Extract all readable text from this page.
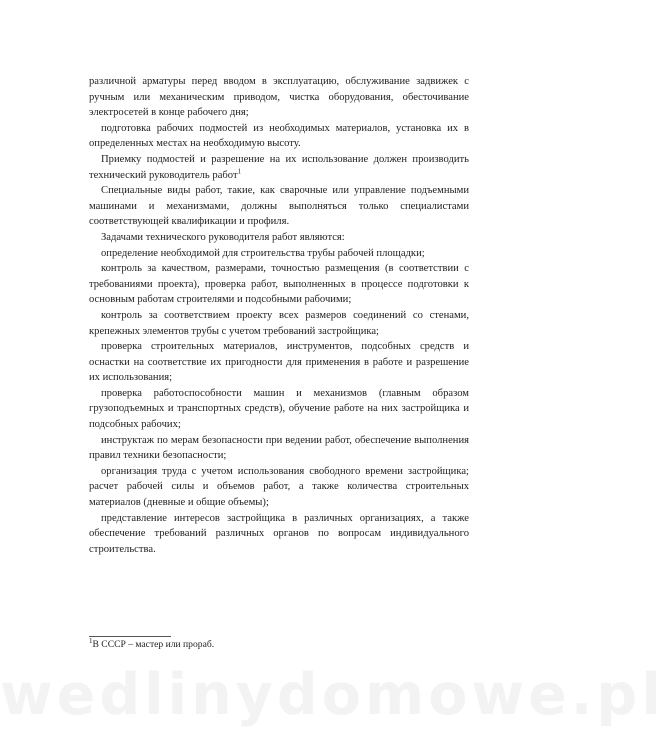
различной арматуры перед вводом в эксплуатацию, обслуживание задвижек с ручным или механическим приводом, чистка оборудования, обесточивание электросетей в конце рабочего дня;

подготовка рабочих подмостей из необходимых материалов, установка их в определенных местах на необходимую высоту.

Приемку подмостей и разрешение на их использование должен производить технический руководитель работ$^1$

Специальные виды работ, такие, как сварочные или управление подъемными машинами и механизмами, должны выполняться только специалистами соответствующей квалификации и профиля.

Задачами технического руководителя работ являются:

определение необходимой для строительства трубы рабочей площадки;

контроль за качеством, размерами, точностью размещения (в соответствии с требованиями проекта), проверка работ, выполненных в процессе подготовки к основным работам строителями и подсобными рабочими;

контроль за соответствием проекту всех размеров соединений со стенами, крепежных элементов трубы с учетом требований застройщика;

проверка строительных материалов, инструментов, подсобных средств и оснастки на соответствие их пригодности для применения в работе и разрешение их использования;

проверка работоспособности машин и механизмов (главным образом грузоподъемных и транспортных средств), обучение работе на них застройщика и подсобных рабочих;

инструктаж по мерам безопасности при ведении работ, обеспечение выполнения правил техники безопасности;

организация труда с учетом использования свободного времени застройщика; расчет рабочей силы и объемов работ, а также количества строительных материалов (дневные и общие объемы);

представление интересов застройщика в различных организациях, а также обеспечение требований различных органов по вопросам индивидуального строительства.

$^1$В СССР – мастер или прораб.
wedlinydomowe.pl
